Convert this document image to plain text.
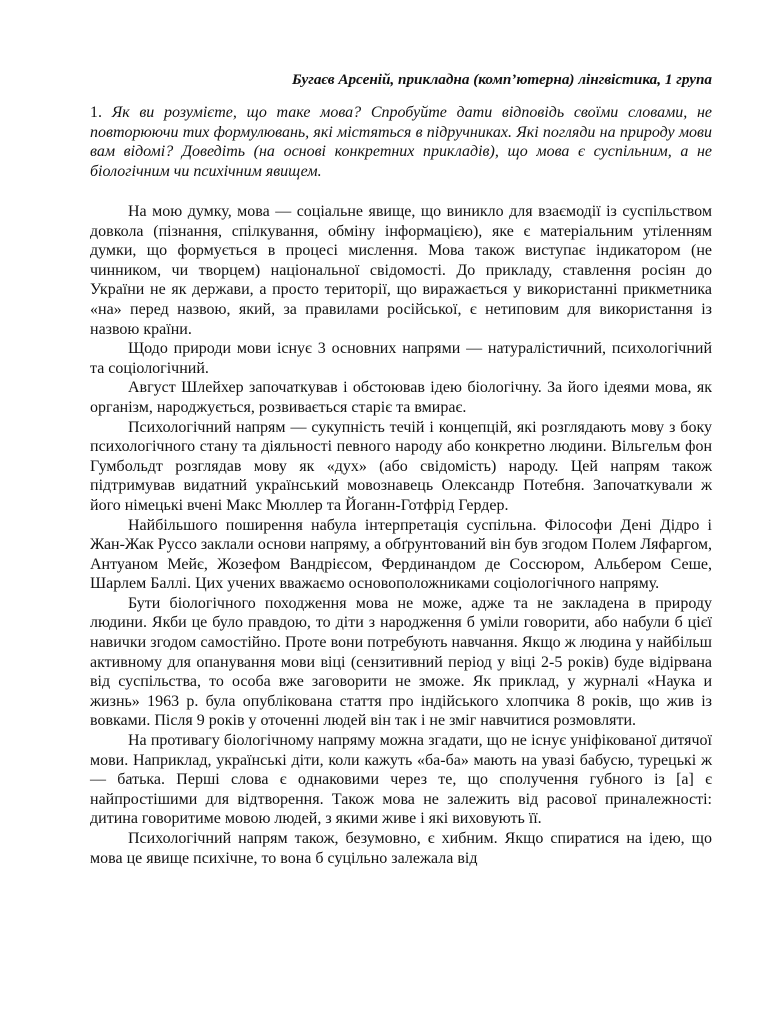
Бугаєв Арсеній, прикладна (комп’ютерна) лінгвістика, 1 група
1. Як ви розумієте, що таке мова? Спробуйте дати відповідь своїми словами, не повторюючи тих формулювань, які містяться в підручниках. Які погляди на природу мови вам відомі? Доведіть (на основі конкретних прикладів), що мова є суспільним, а не біологічним чи психічним явищем.

На мою думку, мова — соціальне явище, що виникло для взаємодії із суспільством довкола (пізнання, спілкування, обміну інформацією), яке є матеріальним утіленням думки, що формується в процесі мислення. Мова також виступає індикатором (не чинником, чи творцем) національної свідомості. До прикладу, ставлення росіян до України не як держави, а просто території, що виражається у використанні прикметника «на» перед назвою, який, за правилами російської, є нетиповим для використання із назвою країни.

Щодо природи мови існує 3 основних напрями — натуралістичний, психологічний та соціологічний.

Август Шлейхер започаткував і обстоював ідею біологічну. За його ідеями мова, як організм, народжується, розвивається старіє та вмирає.

Психологічний напрям — сукупність течій і концепцій, які розглядають мову з боку психологічного стану та діяльності певного народу або конкретно людини. Вільгельм фон Гумбольдт розглядав мову як «дух» (або свідомість) народу. Цей напрям також підтримував видатний український мовознавець Олександр Потебня. Започаткували ж його німецькі вчені Макс Мюллер та Йоганн-Готфрід Гердер.

Найбільшого поширення набула інтерпретація суспільна. Філософи Дені Дідро і Жан-Жак Руссо заклали основи напряму, а обґрунтований він був згодом Полем Ляфаргом, Антуаном Мейє, Жозефом Вандрієсом, Фердинандом де Соссюром, Альбером Сеше, Шарлем Баллі. Цих учених вважаємо основоположниками соціологічного напряму.

Бути біологічного походження мова не може, адже та не закладена в природу людини. Якби це було правдою, то діти з народження б уміли говорити, або набули б цієї навички згодом самостійно. Проте вони потребують навчання. Якщо ж людина у найбільш активному для опанування мови віці (сензитивний період у віці 2-5 років) буде відірвана від суспільства, то особа вже заговорити не зможе. Як приклад, у журналі «Наука и жизнь» 1963 р. була опублікована стаття про індійського хлопчика 8 років, що жив із вовками. Після 9 років у оточенні людей він так і не зміг навчитися розмовляти.

На противагу біологічному напряму можна згадати, що не існує уніфікованої дитячої мови. Наприклад, українські діти, коли кажуть «ба-ба» мають на увазі бабусю, турецькі ж — батька. Перші слова є однаковими через те, що сполучення губного із [а] є найпростішими для відтворення. Також мова не залежить від расової приналежності: дитина говоритиме мовою людей, з якими живе і які виховують її.

Психологічний напрям також, безумовно, є хибним. Якщо спиратися на ідею, що мова це явище психічне, то вона б суцільно залежала від
